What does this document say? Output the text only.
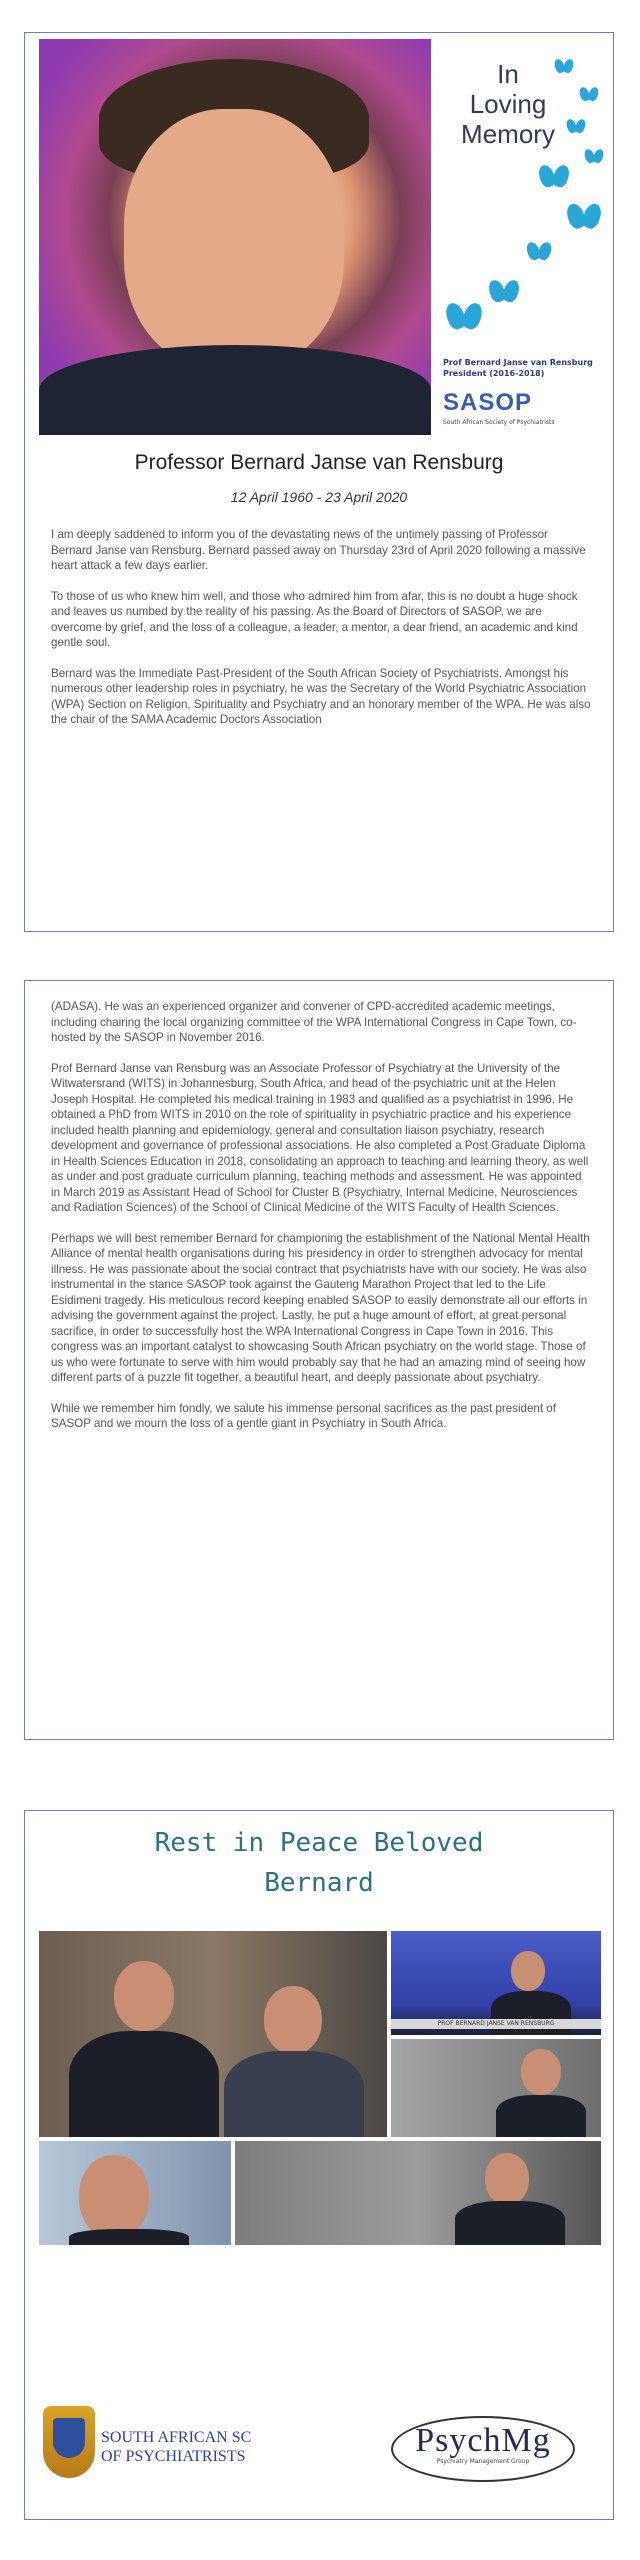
In
Loving
Memory
Prof Bernard Janse van Rensburg
President (2016-2018)
SASOP
South African Society of Psychiatrists
Professor Bernard Janse van Rensburg
12 April 1960 - 23 April 2020

I am deeply saddened to inform you of the devastating news of the untimely passing of Professor Bernard Janse van Rensburg. Bernard passed away on Thursday 23rd of April 2020 following a massive heart attack a few days earlier.

To those of us who knew him well, and those who admired him from afar, this is no doubt a huge shock and leaves us numbed by the reality of his passing. As the Board of Directors of SASOP, we are overcome by grief, and the loss of a colleague, a leader, a mentor, a dear friend, an academic and kind gentle soul.

Bernard was the Immediate Past-President of the South African Society of Psychiatrists. Amongst his numerous other leadership roles in psychiatry, he was the Secretary of the World Psychiatric Association (WPA) Section on Religion, Spirituality and Psychiatry and an honorary member of the WPA. He was also the chair of the SAMA Academic Doctors Association

(ADASA). He was an experienced organizer and convener of CPD-accredited academic meetings, including chairing the local organizing committee of the WPA International Congress in Cape Town, co-hosted by the SASOP in November 2016.

Prof Bernard Janse van Rensburg was an Associate Professor of Psychiatry at the University of the Witwatersrand (WITS) in Johannesburg, South Africa, and head of the psychiatric unit at the Helen Joseph Hospital. He completed his medical training in 1983 and qualified as a psychiatrist in 1996. He obtained a PhD from WITS in 2010 on the role of spirituality in psychiatric practice and his experience included health planning and epidemiology, general and consultation liaison psychiatry, research development and governance of professional associations. He also completed a Post Graduate Diploma in Health Sciences Education in 2018, consolidating an approach to teaching and learning theory, as well as under and post graduate curriculum planning, teaching methods and assessment. He was appointed in March 2019 as Assistant Head of School for Cluster B (Psychiatry, Internal Medicine, Neurosciences and Radiation Sciences) of the School of Clinical Medicine of the WITS Faculty of Health Sciences.

Perhaps we will best remember Bernard for championing the establishment of the National Mental Health Alliance of mental health organisations during his presidency in order to strengthen advocacy for mental illness. He was passionate about the social contract that psychiatrists have with our society. He was also instrumental in the stance SASOP took against the Gauteng Marathon Project that led to the Life Esidimeni tragedy. His meticulous record keeping enabled SASOP to easily demonstrate all our efforts in advising the government against the project. Lastly, he put a huge amount of effort, at great personal sacrifice, in order to successfully host the WPA International Congress in Cape Town in 2016. This congress was an important catalyst to showcasing South African psychiatry on the world stage. Those of us who were fortunate to serve with him would probably say that he had an amazing mind of seeing how different parts of a puzzle fit together, a beautiful heart, and deeply passionate about psychiatry.

While we remember him fondly, we salute his immense personal sacrifices as the past president of SASOP and we mourn the loss of a gentle giant in Psychiatry in South Africa.

Rest in Peace Beloved
Bernard
PROF BERNARD JANSE VAN RENSBURG
SOUTH AFRICAN SC
OF PSYCHIATRISTS	PsychMg
Psychiatry Management Group
